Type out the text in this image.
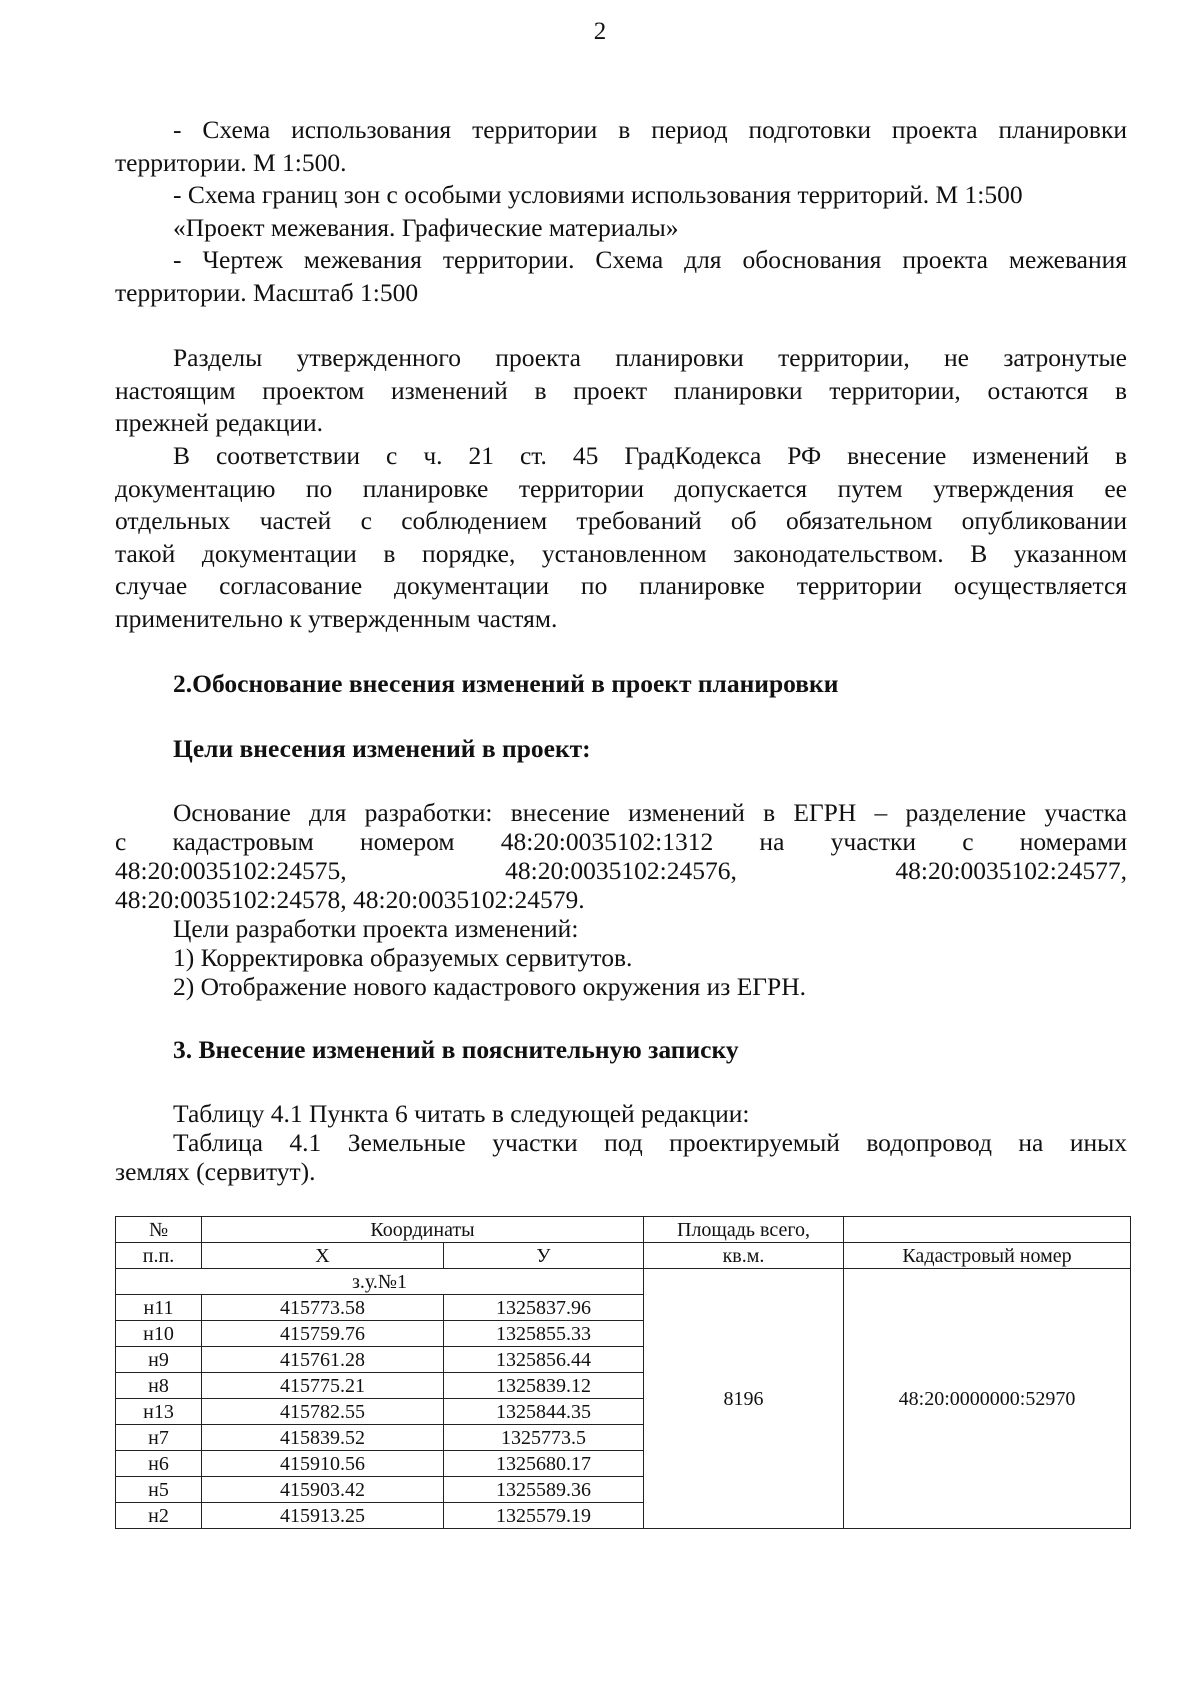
2

- Схема использования территории в период подготовки проекта планировки

территории. М 1:500.

- Схема границ зон с особыми условиями использования территорий. М 1:500

«Проект межевания. Графические материалы»

- Чертеж межевания территории. Схема для обоснования проекта межевания

территории. Масштаб 1:500

Разделы утвержденного проекта планировки территории, не затронутые

настоящим проектом изменений в проект планировки территории, остаются в

прежней редакции.

В соответствии с ч. 21 ст. 45 ГрадКодекса РФ внесение изменений в

документацию по планировке территории допускается путем утверждения ее

отдельных частей с соблюдением требований об обязательном опубликовании

такой документации в порядке, установленном законодательством. В указанном

случае согласование документации по планировке территории осуществляется

применительно к утвержденным частям.

2.Обоснование внесения изменений в проект планировки

Цели внесения изменений в проект:

Основание для разработки: внесение изменений в ЕГРН – разделение участка

с кадастровым номером 48:20:0035102:1312 на участки с номерами

48:20:0035102:24575, 48:20:0035102:24576, 48:20:0035102:24577,

48:20:0035102:24578, 48:20:0035102:24579.

Цели разработки проекта изменений:

1) Корректировка образуемых сервитутов.

2) Отображение нового кадастрового окружения из ЕГРН.

3. Внесение изменений в пояснительную записку

Таблицу 4.1 Пункта 6 читать в следующей редакции:

Таблица 4.1 Земельные участки под проектируемый водопровод на иных

землях (сервитут).

№	Координаты		Площадь всего,	
п.п.	X	У	кв.м.	Кадастровый номер
з.у.№1			8196	48:20:0000000:52970
н11	415773.58	1325837.96		
н10	415759.76	1325855.33		
н9	415761.28	1325856.44		
н8	415775.21	1325839.12		
н13	415782.55	1325844.35		
н7	415839.52	1325773.5		
н6	415910.56	1325680.17		
н5	415903.42	1325589.36		
н2	415913.25	1325579.19		
